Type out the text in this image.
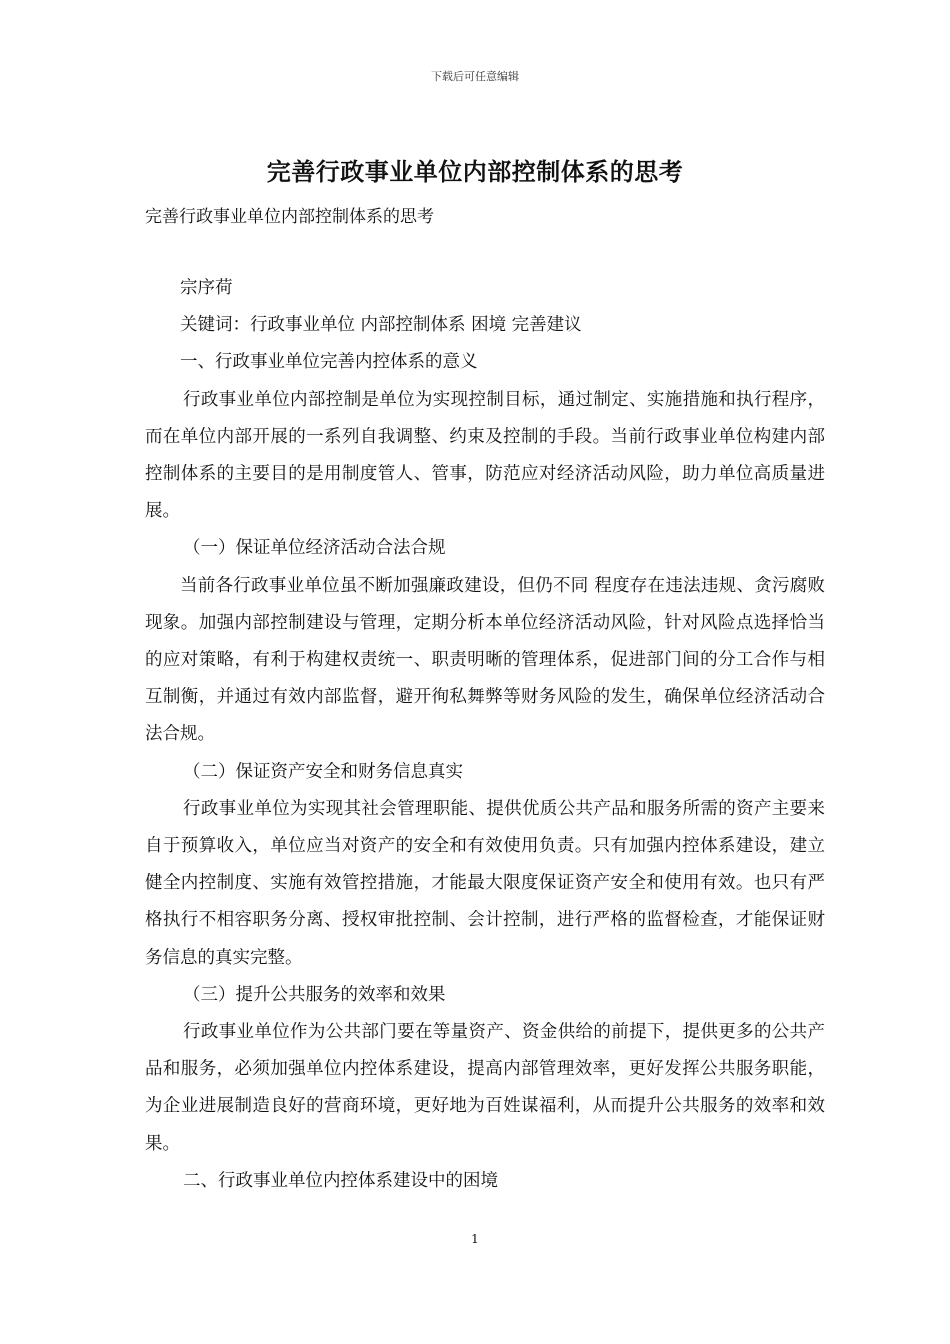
下载后可任意编辑
完善行政事业单位内部控制体系的思考
完善行政事业单位内部控制体系的思考

宗序荷

关键词：行政事业单位 内部控制体系 困境 完善建议

一、行政事业单位完善内控体系的意义

行政事业单位内部控制是单位为实现控制目标，通过制定、实施措施和执行程序，而在单位内部开展的一系列自我调整、约束及控制的手段。当前行政事业单位构建内部控制体系的主要目的是用制度管人、管事，防范应对经济活动风险，助力单位高质量进展。

（一）保证单位经济活动合法合规

当前各行政事业单位虽不断加强廉政建设，但仍不同 程度存在违法违规、贪污腐败现象。加强内部控制建设与管理，定期分析本单位经济活动风险，针对风险点选择恰当的应对策略，有利于构建权责统一、职责明晰的管理体系，促进部门间的分工合作与相互制衡，并通过有效内部监督，避开徇私舞弊等财务风险的发生，确保单位经济活动合法合规。

（二）保证资产安全和财务信息真实

行政事业单位为实现其社会管理职能、提供优质公共产品和服务所需的资产主要来自于预算收入，单位应当对资产的安全和有效使用负责。只有加强内控体系建设，建立健全内控制度、实施有效管控措施，才能最大限度保证资产安全和使用有效。也只有严格执行不相容职务分离、授权审批控制、会计控制，进行严格的监督检查，才能保证财务信息的真实完整。

（三）提升公共服务的效率和效果

行政事业单位作为公共部门要在等量资产、资金供给的前提下，提供更多的公共产品和服务，必须加强单位内控体系建设，提高内部管理效率，更好发挥公共服务职能，为企业进展制造良好的营商环境，更好地为百姓谋福利，从而提升公共服务的效率和效果。

二、行政事业单位内控体系建设中的困境

1
